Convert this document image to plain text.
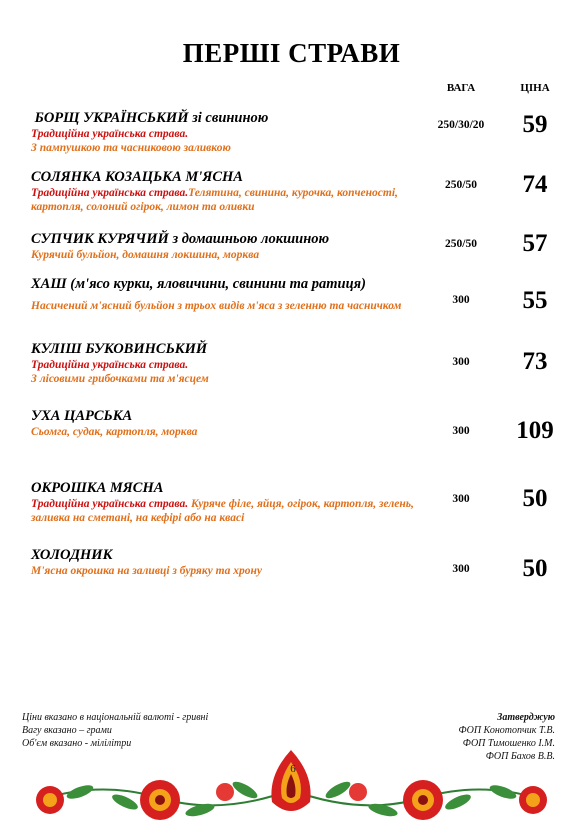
ПЕРШІ СТРАВИ
ВАГА	ЦІНА
БОРЩ УКРАЇНСЬКИЙ зі свининою
Традиційна українська страва.
З пампушкою та часниковою заливкою
250/30/20	59
СОЛЯНКА КОЗАЦЬКА М'ЯСНА
Традиційна українська страва.Телятина, свинина, курочка, копченості, картопля, солоний огірок, лимон та оливки
250/50	74
СУПЧИК КУРЯЧИЙ з домашньою локшиною
Курячий бульйон, домашня локшина, морква
250/50	57
ХАШ (м'ясо курки, яловичини, свинини та ратиця)
Насичений м'ясний бульйон з трьох видів м'яса з зеленню та часничком	300	55
КУЛІШ БУКОВИНСЬКИЙ
Традиційна українська страва.
З лісовими грибочками та м'ясцем
300	73
УХА ЦАРСЬКА
Сьомга, судак, картопля, морква	300	109
ОКРОШКА МЯСНА
Традиційна українська страва. Куряче філе, яйця, огірок, картопля, зелень, заливка на сметані, на кефірі або на квасі
300	50
ХОЛОДНИК
М'ясна окрошка на заливці з буряку та хрону	300	50
Ціни вказано в національній валюті - гривні
Вагу вказано – грами
Об'єм вказано - мілілітри
Затверджую
ФОП Конотопчик Т.В.
ФОП Тимошенко І.М.
ФОП Бахов В.В.
6
